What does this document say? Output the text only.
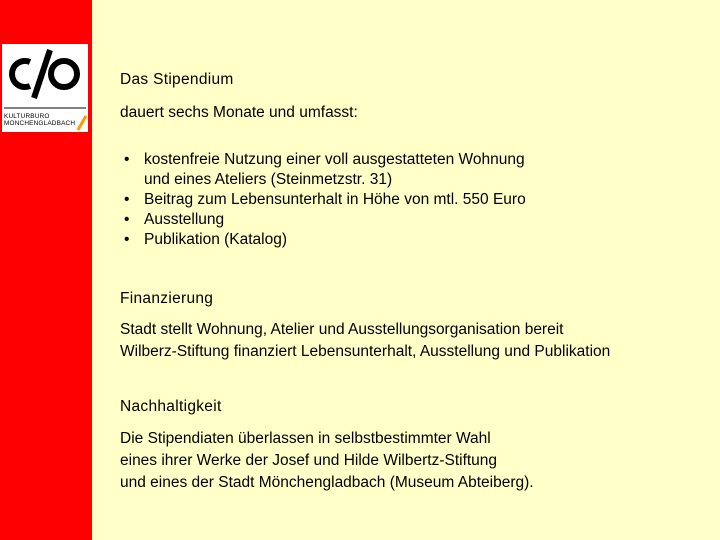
KULTURBÜRO
MÖNCHENGLADBACH
Das Stipendium
dauert sechs Monate und umfasst:
• kostenfreie Nutzung einer voll ausgestatteten Wohnung
und eines Ateliers (Steinmetzstr. 31)
• Beitrag zum Lebensunterhalt in Höhe von mtl. 550 Euro
• Ausstellung
• Publikation (Katalog)
Finanzierung
Stadt stellt Wohnung, Atelier und Ausstellungsorganisation bereit
Wilberz-Stiftung finanziert Lebensunterhalt, Ausstellung und Publikation
Nachhaltigkeit
Die Stipendiaten überlassen in selbstbestimmter Wahl
eines ihrer Werke der Josef und Hilde Wilbertz-Stiftung
und eines der Stadt Mönchengladbach (Museum Abteiberg).
